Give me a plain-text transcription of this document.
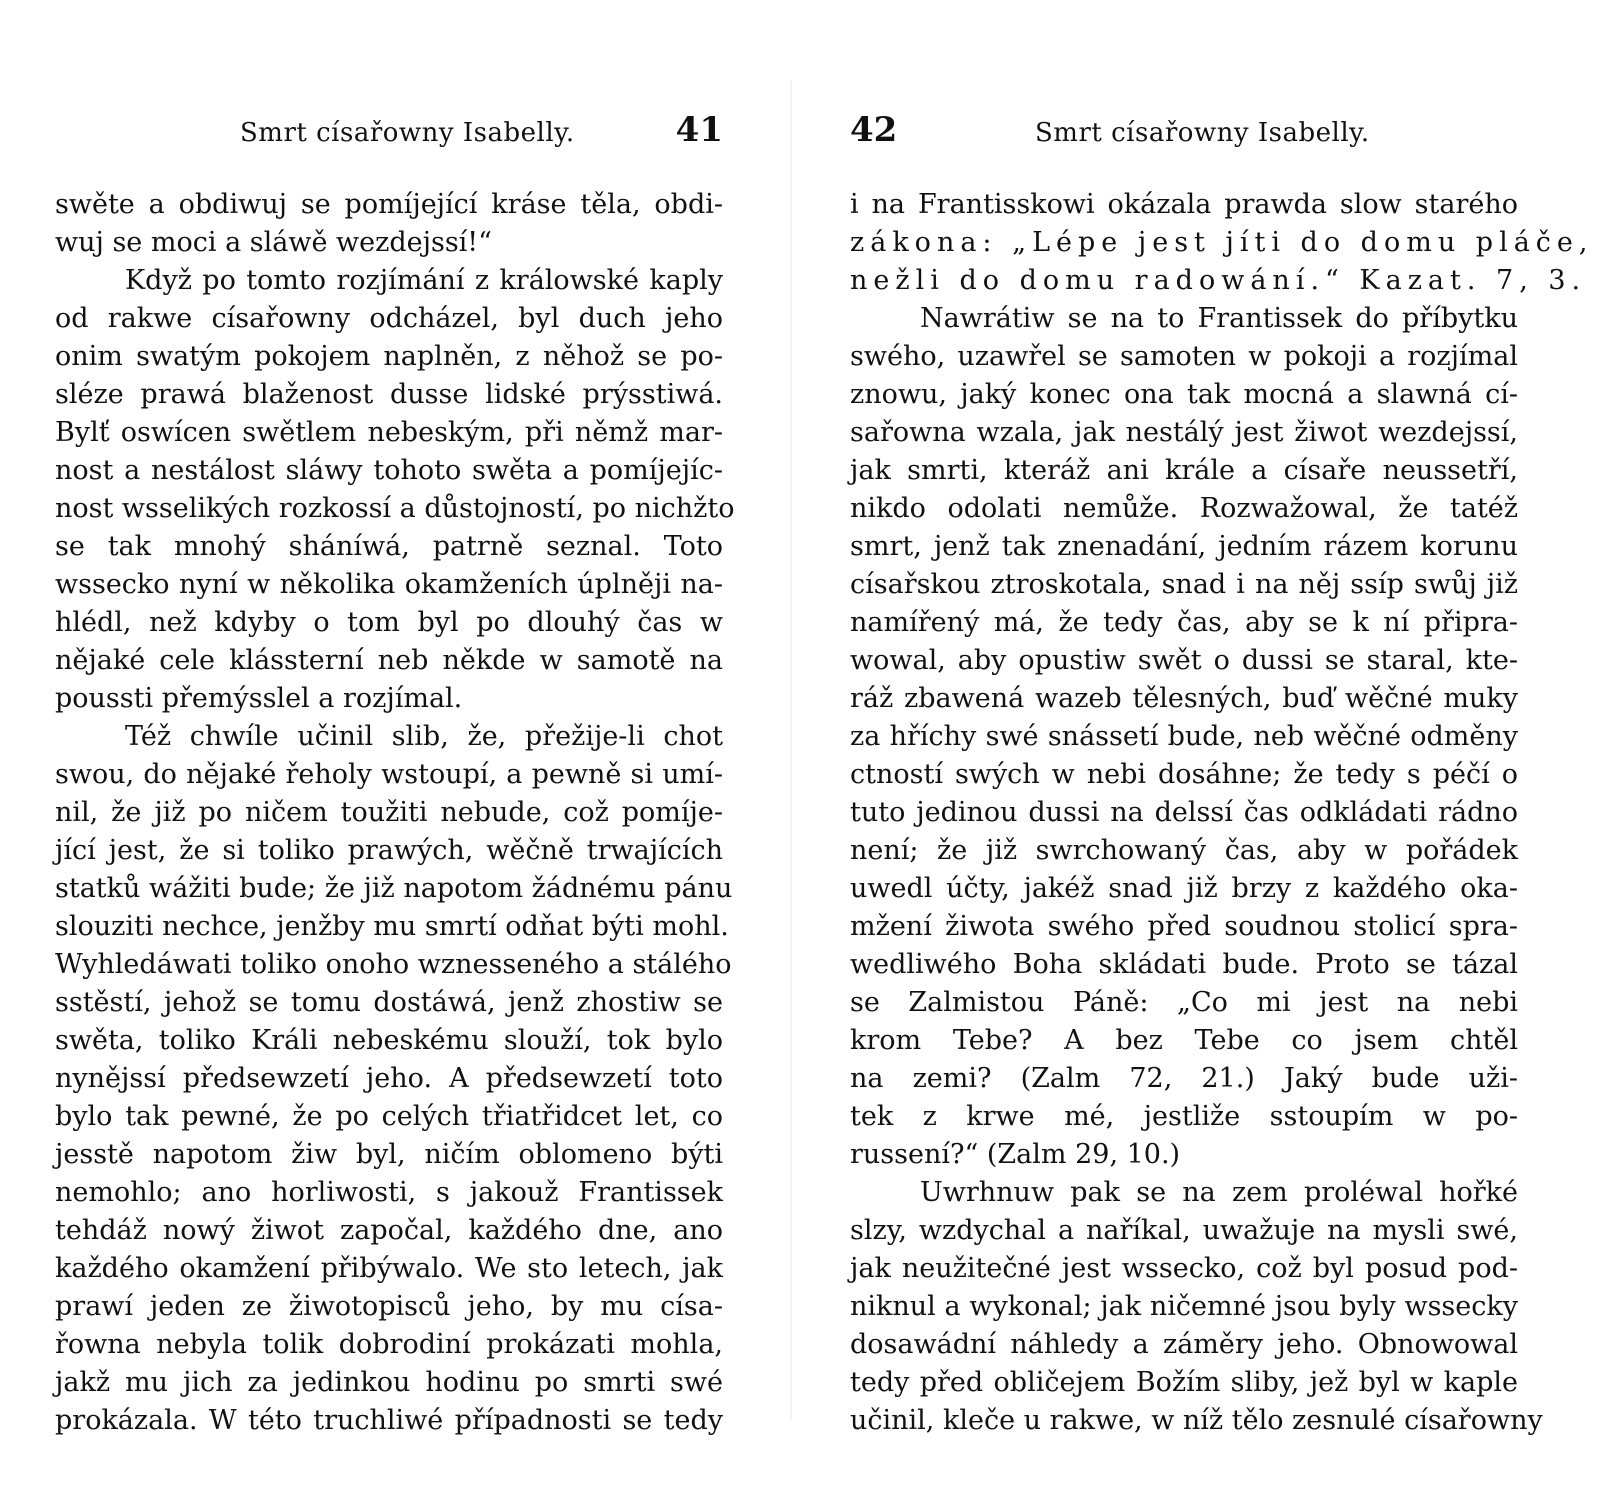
Smrt císařowny Isabelly.	41
swěte a obdiwuj se pomíjející kráse těla, obdi-
wuj se moci a sláwě wezdejssí!“
Když po tomto rozjímání z králowské kaply
od rakwe císařowny odcházel, byl duch jeho
onim swatým pokojem naplněn, z něhož se po-
sléze prawá blaženost dusse lidské prýsstiwá.
Bylť oswícen swětlem nebeským, při němž mar-
nost a nestálost sláwy tohoto swěta a pomíjejíc-
nost wsselikých rozkossí a důstojností, po nichžto
se tak mnohý sháníwá, patrně seznal. Toto
wssecko nyní w několika okamženích úplněji na-
hlédl, než kdyby o tom byl po dlouhý čas w
nějaké cele klássterní neb někde w samotě na
poussti přemýsslel a rozjímal.
Též chwíle učinil slib, že, přežije-li chot
swou, do nějaké řeholy wstoupí, a pewně si umí-
nil, že již po ničem toužiti nebude, což pomíje-
jící jest, že si toliko prawých, wěčně trwajících
statků wážiti bude; že již napotom žádnému pánu
slouziti nechce, jenžby mu smrtí odňat býti mohl.
Wyhledáwati toliko onoho wznesseného a stálého
sstěstí, jehož se tomu dostáwá, jenž zhostiw se
swěta, toliko Králi nebeskému slouží, tok bylo
nynějssí předsewzetí jeho. A předsewzetí toto
bylo tak pewné, že po celých třiatřidcet let, co
jesstě napotom žiw byl, ničím oblomeno býti
nemohlo; ano horliwosti, s jakouž Frantissek
tehdáž nowý žiwot započal, každého dne, ano
každého okamžení přibýwalo. We sto letech, jak
prawí jeden ze žiwotopisců jeho, by mu císa-
řowna nebyla tolik dobrodiní prokázati mohla,
jakž mu jich za jedinkou hodinu po smrti swé
prokázala. W této truchliwé případnosti se tedy
42	Smrt císařowny Isabelly.
i na Frantisskowi okázala prawda slow starého
zákona: „Lépe jest jíti do domu pláče,
nežli do domu radowání.“ Kazat. 7, 3.
Nawrátiw se na to Frantissek do příbytku
swého, uzawřel se samoten w pokoji a rozjímal
znowu, jaký konec ona tak mocná a slawná cí-
sařowna wzala, jak nestálý jest žiwot wezdejssí,
jak smrti, kteráž ani krále a císaře neussetří,
nikdo odolati nemůže. Rozwažowal, že tatéž
smrt, jenž tak znenadání, jedním rázem korunu
císařskou ztroskotala, snad i na něj ssíp swůj již
namířený má, že tedy čas, aby se k ní připra-
wowal, aby opustiw swět o dussi se staral, kte-
ráž zbawená wazeb tělesných, buď wěčné muky
za hříchy swé snássetí bude, neb wěčné odměny
ctností swých w nebi dosáhne; že tedy s péčí o
tuto jedinou dussi na delssí čas odkládati rádno
není; že již swrchowaný čas, aby w pořádek
uwedl účty, jakéž snad již brzy z každého oka-
mžení žiwota swého před soudnou stolicí spra-
wedliwého Boha skládati bude. Proto se tázal
se Zalmistou Páně: „Co mi jest na nebi
krom Tebe? A bez Tebe co jsem chtěl
na zemi? (Zalm 72, 21.) Jaký bude uži-
tek z krwe mé, jestliže sstoupím w po-
russení?“ (Zalm 29, 10.)
Uwrhnuw pak se na zem proléwal hořké
slzy, wzdychal a naříkal, uwažuje na mysli swé,
jak neužitečné jest wssecko, což byl posud pod-
niknul a wykonal; jak ničemné jsou byly wssecky
dosawádní náhledy a záměry jeho. Obnowowal
tedy před obličejem Božím sliby, jež byl w kaple
učinil, kleče u rakwe, w níž tělo zesnulé císařowny
